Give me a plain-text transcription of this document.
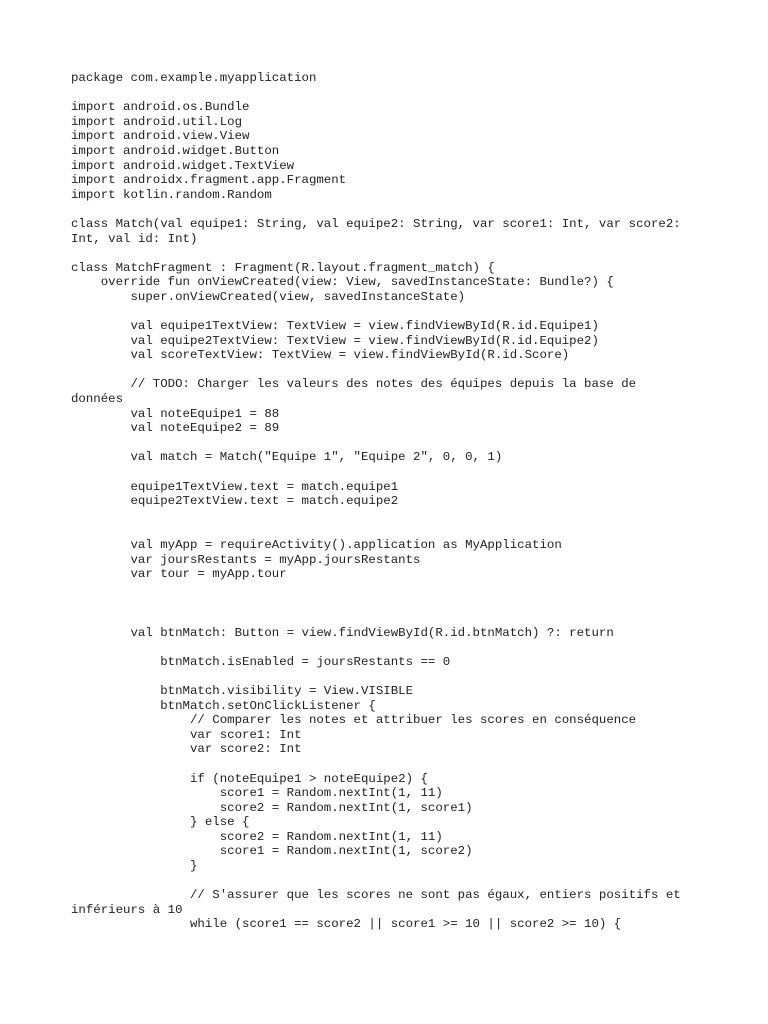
package com.example.myapplication
import android.os.Bundle
import android.util.Log
import android.view.View
import android.widget.Button
import android.widget.TextView
import androidx.fragment.app.Fragment
import kotlin.random.Random
class Match(val equipe1: String, val equipe2: String, var score1: Int, var score2:
Int, val id: Int)
class MatchFragment : Fragment(R.layout.fragment_match) {
override fun onViewCreated(view: View, savedInstanceState: Bundle?) {
super.onViewCreated(view, savedInstanceState)
val equipe1TextView: TextView = view.findViewById(R.id.Equipe1)
val equipe2TextView: TextView = view.findViewById(R.id.Equipe2)
val scoreTextView: TextView = view.findViewById(R.id.Score)
// TODO: Charger les valeurs des notes des équipes depuis la base de
données
val noteEquipe1 = 88
val noteEquipe2 = 89
val match = Match("Equipe 1", "Equipe 2", 0, 0, 1)
equipe1TextView.text = match.equipe1
equipe2TextView.text = match.equipe2
val myApp = requireActivity().application as MyApplication
var joursRestants = myApp.joursRestants
var tour = myApp.tour
val btnMatch: Button = view.findViewById(R.id.btnMatch) ?: return
btnMatch.isEnabled = joursRestants == 0
btnMatch.visibility = View.VISIBLE
btnMatch.setOnClickListener {
// Comparer les notes et attribuer les scores en conséquence
var score1: Int
var score2: Int
if (noteEquipe1 > noteEquipe2) {
score1 = Random.nextInt(1, 11)
score2 = Random.nextInt(1, score1)
} else {
score2 = Random.nextInt(1, 11)
score1 = Random.nextInt(1, score2)
}
// S'assurer que les scores ne sont pas égaux, entiers positifs et
inférieurs à 10
while (score1 == score2 || score1 >= 10 || score2 >= 10) {
